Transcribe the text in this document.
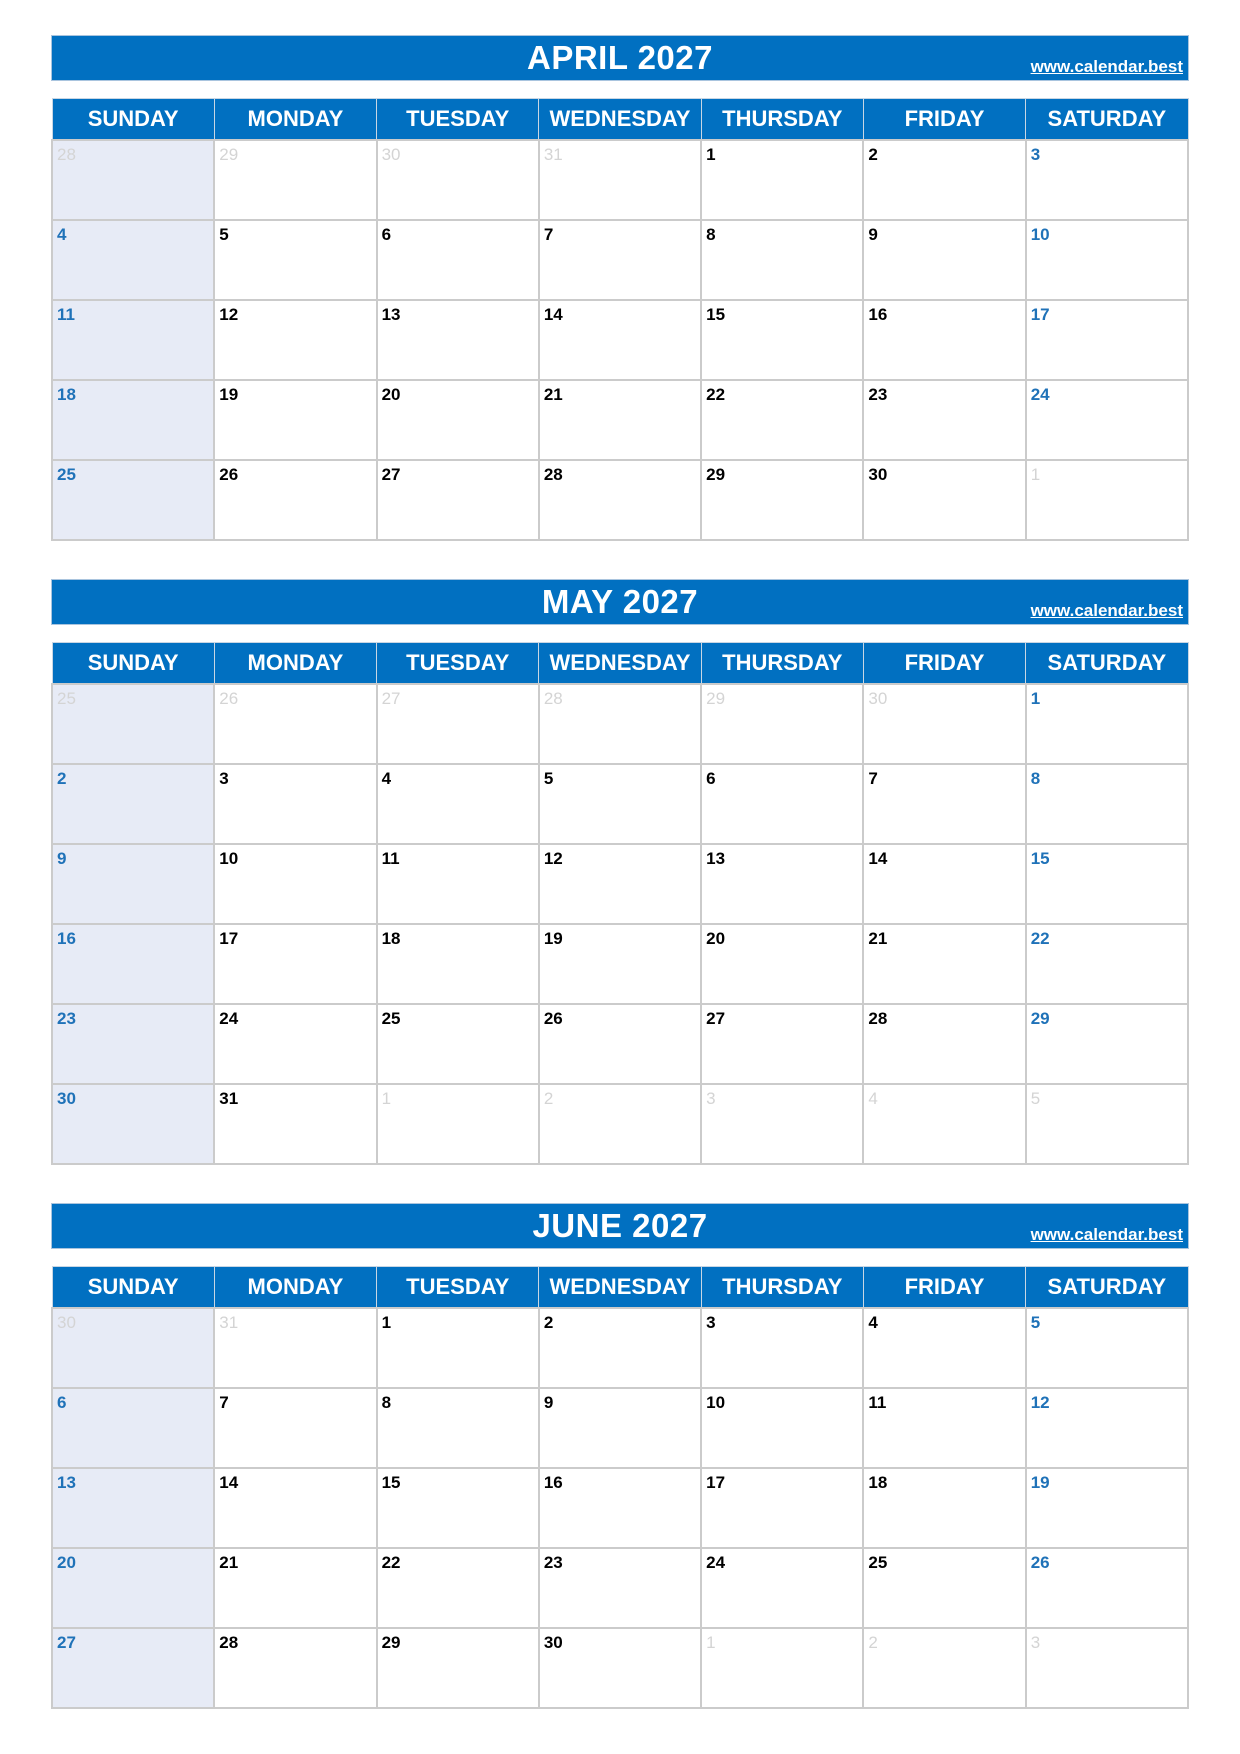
APRIL 2027	www.calendar.best
SUNDAY	MONDAY	TUESDAY	WEDNESDAY	THURSDAY	FRIDAY	SATURDAY

28	29	30	31	1	2	3

4	5	6	7	8	9	10

11	12	13	14	15	16	17

18	19	20	21	22	23	24

25	26	27	28	29	30	1
MAY 2027	www.calendar.best
SUNDAY	MONDAY	TUESDAY	WEDNESDAY	THURSDAY	FRIDAY	SATURDAY

25	26	27	28	29	30	1

2	3	4	5	6	7	8

9	10	11	12	13	14	15

16	17	18	19	20	21	22

23	24	25	26	27	28	29

30	31	1	2	3	4	5
JUNE 2027	www.calendar.best
SUNDAY	MONDAY	TUESDAY	WEDNESDAY	THURSDAY	FRIDAY	SATURDAY

30	31	1	2	3	4	5

6	7	8	9	10	11	12

13	14	15	16	17	18	19

20	21	22	23	24	25	26

27	28	29	30	1	2	3
